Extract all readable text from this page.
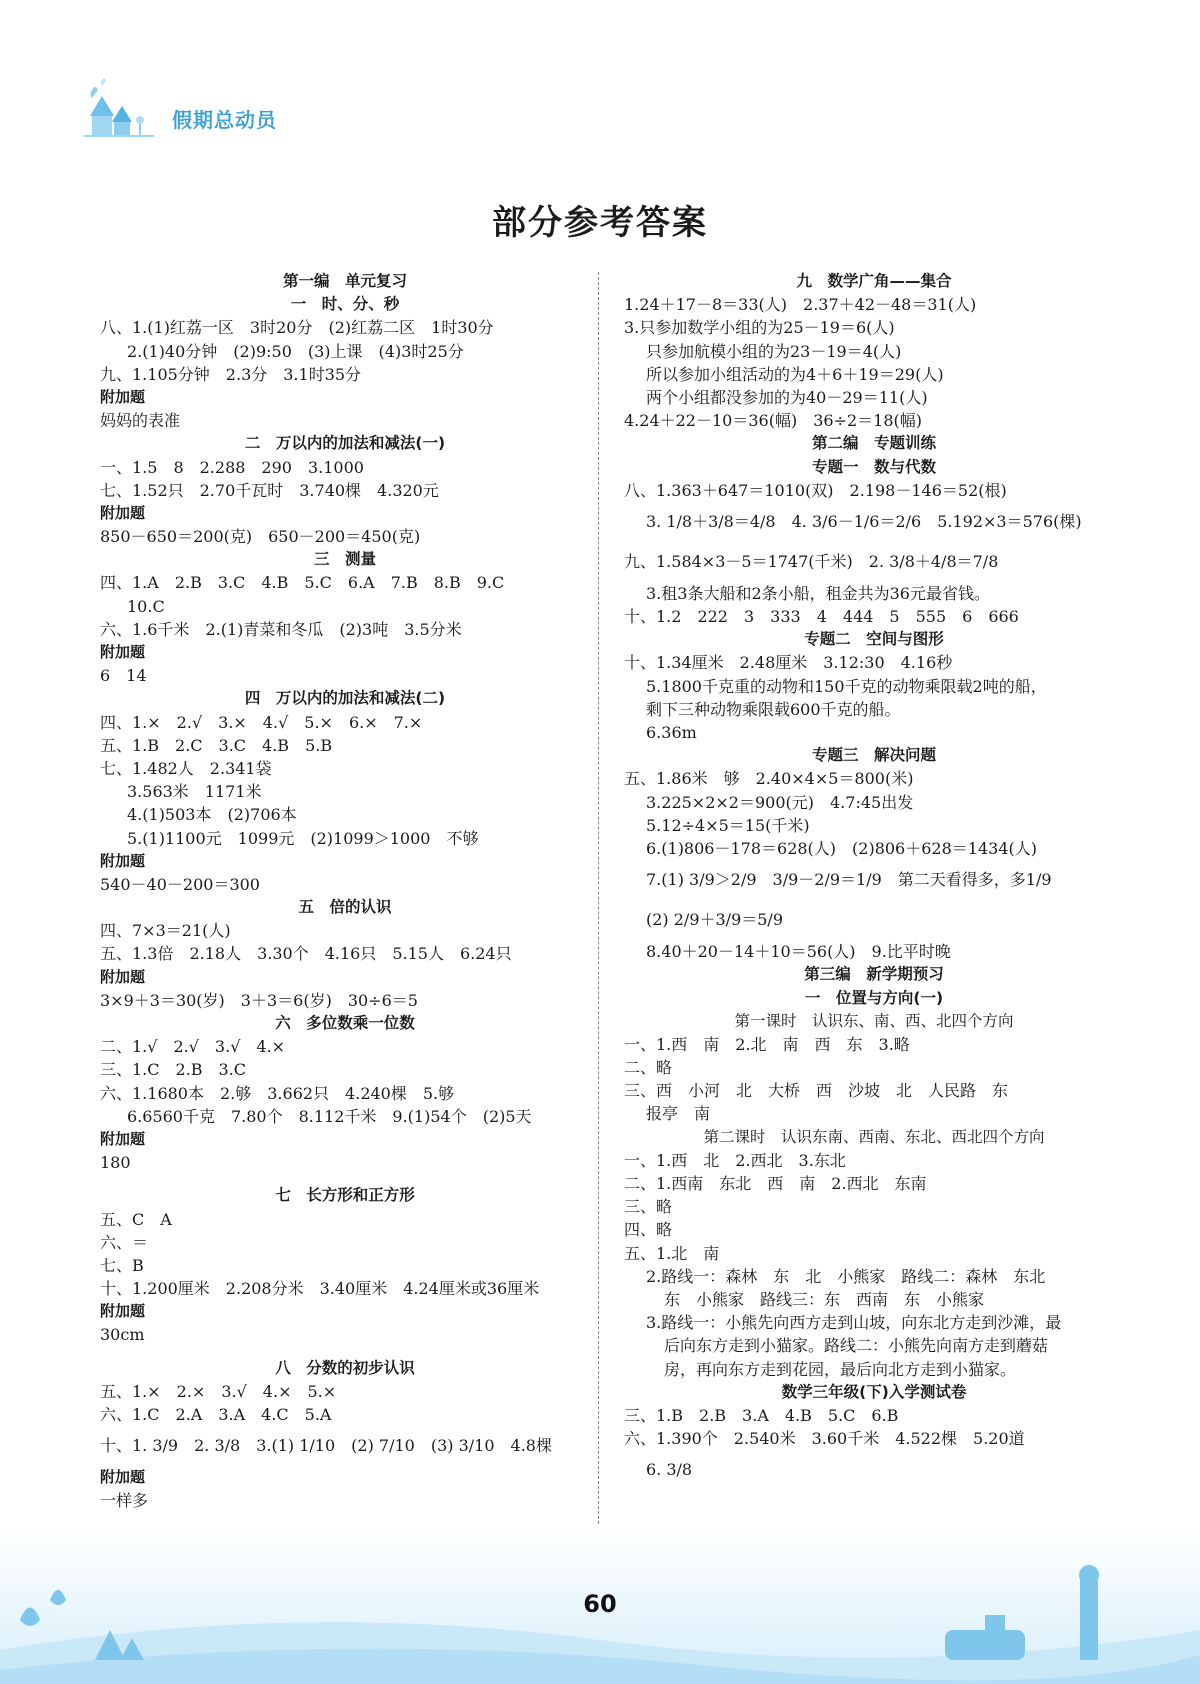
假期总动员
部分参考答案
第一编　单元复习
一　时、分、秒
八、1.(1)红荔一区　3时20分　(2)红荔二区　1时30分
2.(1)40分钟　(2)9:50　(3)上课　(4)3时25分
九、1.105分钟　2.3分　3.1时35分
附加题
妈妈的表准
二　万以内的加法和减法(一)
一、1.5　8　2.288　290　3.1000
七、1.52只　2.70千瓦时　3.740棵　4.320元
附加题
850－650＝200(克)　650－200＝450(克)
三　测量
四、1.A　2.B　3.C　4.B　5.C　6.A　7.B　8.B　9.C
10.C
六、1.6千米　2.(1)青菜和冬瓜　(2)3吨　3.5分米
附加题
6　14
四　万以内的加法和减法(二)
四、1.×　2.√　3.×　4.√　5.×　6.×　7.×
五、1.B　2.C　3.C　4.B　5.B
七、1.482人　2.341袋
3.563米　1171米
4.(1)503本　(2)706本
5.(1)1100元　1099元　(2)1099＞1000　不够
附加题
540－40－200＝300
五　倍的认识
四、7×3＝21(人)
五、1.3倍　2.18人　3.30个　4.16只　5.15人　6.24只
附加题
3×9＋3＝30(岁)　3＋3＝6(岁)　30÷6＝5
六　多位数乘一位数
二、1.√　2.√　3.√　4.×
三、1.C　2.B　3.C
六、1.1680本　2.够　3.662只　4.240棵　5.够
6.6560千克　7.80个　8.112千米　9.(1)54个　(2)5天
附加题
180
七　长方形和正方形
五、C　A
六、＝
七、B
十、1.200厘米　2.208分米　3.40厘米　4.24厘米或36厘米
附加题
30cm
八　分数的初步认识
五、1.×　2.×　3.√　4.×　5.×
六、1.C　2.A　3.A　4.C　5.A
十、1. 3/9　2. 3/8　3.(1) 1/10　(2) 7/10　(3) 3/10　4.8棵
附加题
一样多
九　数学广角——集合
1.24＋17－8＝33(人)　2.37＋42－48＝31(人)
3.只参加数学小组的为25－19＝6(人)
只参加航模小组的为23－19＝4(人)
所以参加小组活动的为4＋6＋19＝29(人)
两个小组都没参加的为40－29＝11(人)
4.24＋22－10＝36(幅)　36÷2＝18(幅)
第二编　专题训练
专题一　数与代数
八、1.363＋647＝1010(双)　2.198－146＝52(根)
3. 1/8＋3/8＝4/8　4. 3/6－1/6＝2/6　5.192×3＝576(棵)
九、1.584×3－5＝1747(千米)　2. 3/8＋4/8＝7/8
3.租3条大船和2条小船，租金共为36元最省钱。
十、1.2　222　3　333　4　444　5　555　6　666
专题二　空间与图形
十、1.34厘米　2.48厘米　3.12:30　4.16秒
5.1800千克重的动物和150千克的动物乘限载2吨的船，
剩下三种动物乘限载600千克的船。
6.36m
专题三　解决问题
五、1.86米　够　2.40×4×5＝800(米)
3.225×2×2＝900(元)　4.7:45出发
5.12÷4×5＝15(千米)
6.(1)806－178＝628(人)　(2)806＋628＝1434(人)
7.(1) 3/9＞2/9　3/9－2/9＝1/9　第二天看得多，多1/9
(2) 2/9＋3/9＝5/9
8.40＋20－14＋10＝56(人)　9.比平时晚
第三编　新学期预习
一　位置与方向(一)
第一课时　认识东、南、西、北四个方向
一、1.西　南　2.北　南　西　东　3.略
二、略
三、西　小河　北　大桥　西　沙坡　北　人民路　东
报亭　南
第二课时　认识东南、西南、东北、西北四个方向
一、1.西　北　2.西北　3.东北
二、1.西南　东北　西　南　2.西北　东南
三、略
四、略
五、1.北　南
2.路线一：森林　东　北　小熊家　路线二：森林　东北
东　小熊家　路线三：东　西南　东　小熊家
3.路线一：小熊先向西方走到山坡，向东北方走到沙滩，最
后向东方走到小猫家。路线二：小熊先向南方走到蘑菇
房，再向东方走到花园，最后向北方走到小猫家。
数学三年级(下)入学测试卷
三、1.B　2.B　3.A　4.B　5.C　6.B
六、1.390个　2.540米　3.60千米　4.522棵　5.20道
6. 3/8
60
